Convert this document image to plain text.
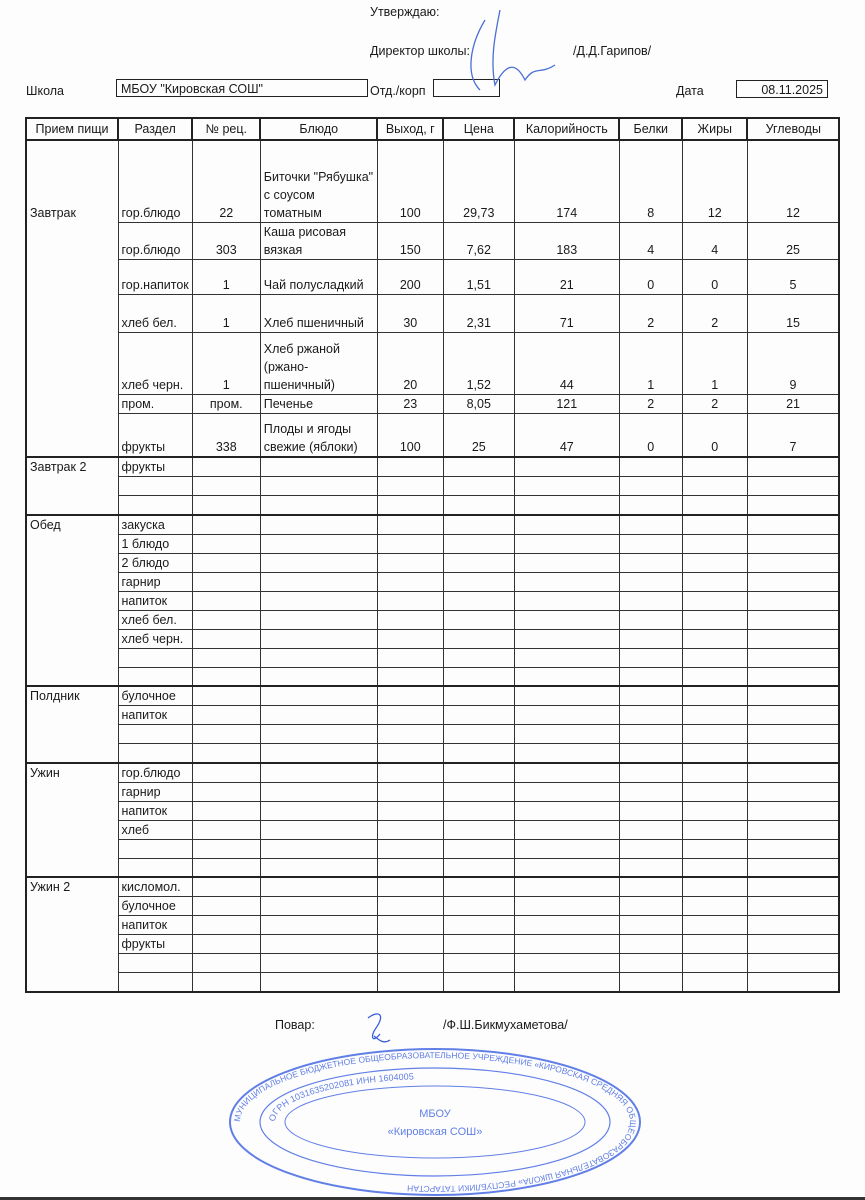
Утверждаю:
Директор школы:	/Д.Д.Гарипов/
Школа	МБОУ "Кировская СОШ"	Отд./корп	Дата	08.11.2025
Прием пищи	Раздел	№ рец.	Блюдо	Выход, г	Цена	Калорийность	Белки	Жиры	Углеводы
Завтрак	гор.блюдо	22	Биточки "Рябушка" с соусом томатным	100	29,73	174	8	12	12
	гор.блюдо	303	Каша рисовая вязкая	150	7,62	183	4	4	25
	гор.напиток	1	Чай полусладкий	200	1,51	21	0	0	5
	хлеб бел.	1	Хлеб пшеничный	30	2,31	71	2	2	15
	хлеб черн.	1	Хлеб ржаной (ржано-пшеничный)	20	1,52	44	1	1	9
	пром.	пром.	Печенье	23	8,05	121	2	2	21
	фрукты	338	Плоды и ягоды свежие (яблоки)	100	25	47	0	0	7
Завтрак 2	фрукты								

Обед	закуска								
	1 блюдо								
	2 блюдо								
	гарнир								
	напиток								
	хлеб бел.								
	хлеб черн.								

Полдник	булочное								
	напиток								

Ужин	гор.блюдо								
	гарнир								
	напиток								
	хлеб								

Ужин 2	кисломол.								
	булочное								
	напиток								
	фрукты								

МУНИЦИПАЛЬНОЕ БЮДЖЕТНОЕ ОБЩЕОБРАЗОВАТЕЛЬНОЕ УЧРЕЖДЕНИЕ «КИРОВСКАЯ СРЕДНЯЯ ОБЩЕОБРАЗОВАТЕЛЬНАЯ ШКОЛА» РЕСПУБЛИКИ ТАТАРСТАН
ОГРН 1031635202081 ИНН 1604005
МБОУ
«Кировская СОШ»
Повар:	/Ф.Ш.Бикмухаметова/
